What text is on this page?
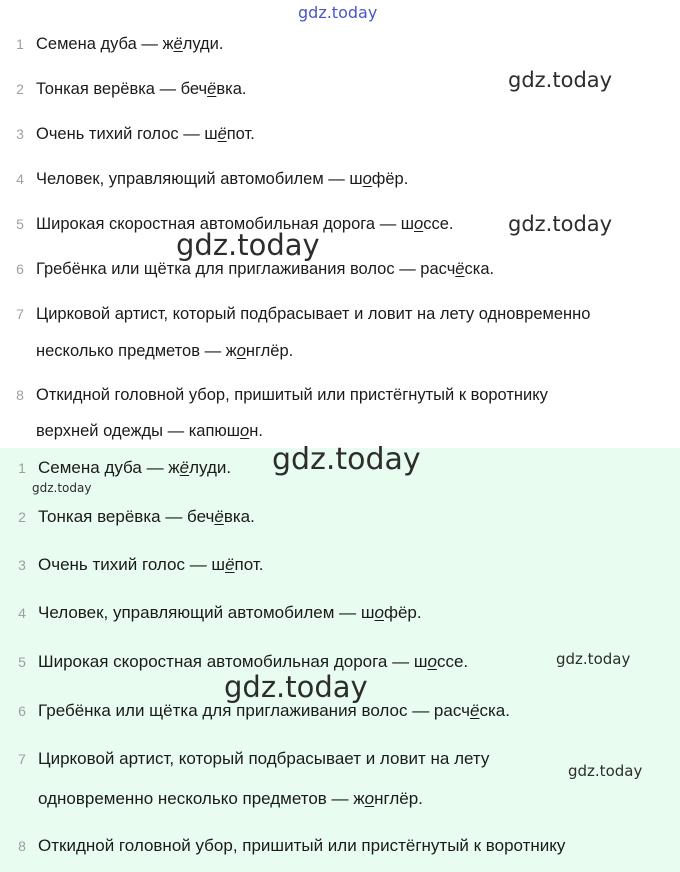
1 Семена дуба — жёлуди.
2 Тонкая верёвка — бечёвка.
3 Очень тихий голос — шёпот.
4 Человек, управляющий автомобилем — шофёр.
5 Широкая скоростная автомобильная дорога — шоссе.
6 Гребёнка или щётка для приглаживания волос — расчёска.
7 Цирковой артист, который подбрасывает и ловит на лету одновременно
несколько предметов — жонглёр.
8 Откидной головной убор, пришитый или пристёгнутый к воротнику
верхней одежды — капюшон.
1 Семена дуба — жёлуди.
2 Тонкая верёвка — бечёвка.
3 Очень тихий голос — шёпот.
4 Человек, управляющий автомобилем — шофёр.
5 Широкая скоростная автомобильная дорога — шоссе.
6 Гребёнка или щётка для приглаживания волос — расчёска.
7 Цирковой артист, который подбрасывает и ловит на лету
одновременно несколько предметов — жонглёр.
8 Откидной головной убор, пришитый или пристёгнутый к воротнику
gdz.today
gdz.today
gdz.today
gdz.today
gdz.today
gdz.today
gdz.today
gdz.today
gdz.today
